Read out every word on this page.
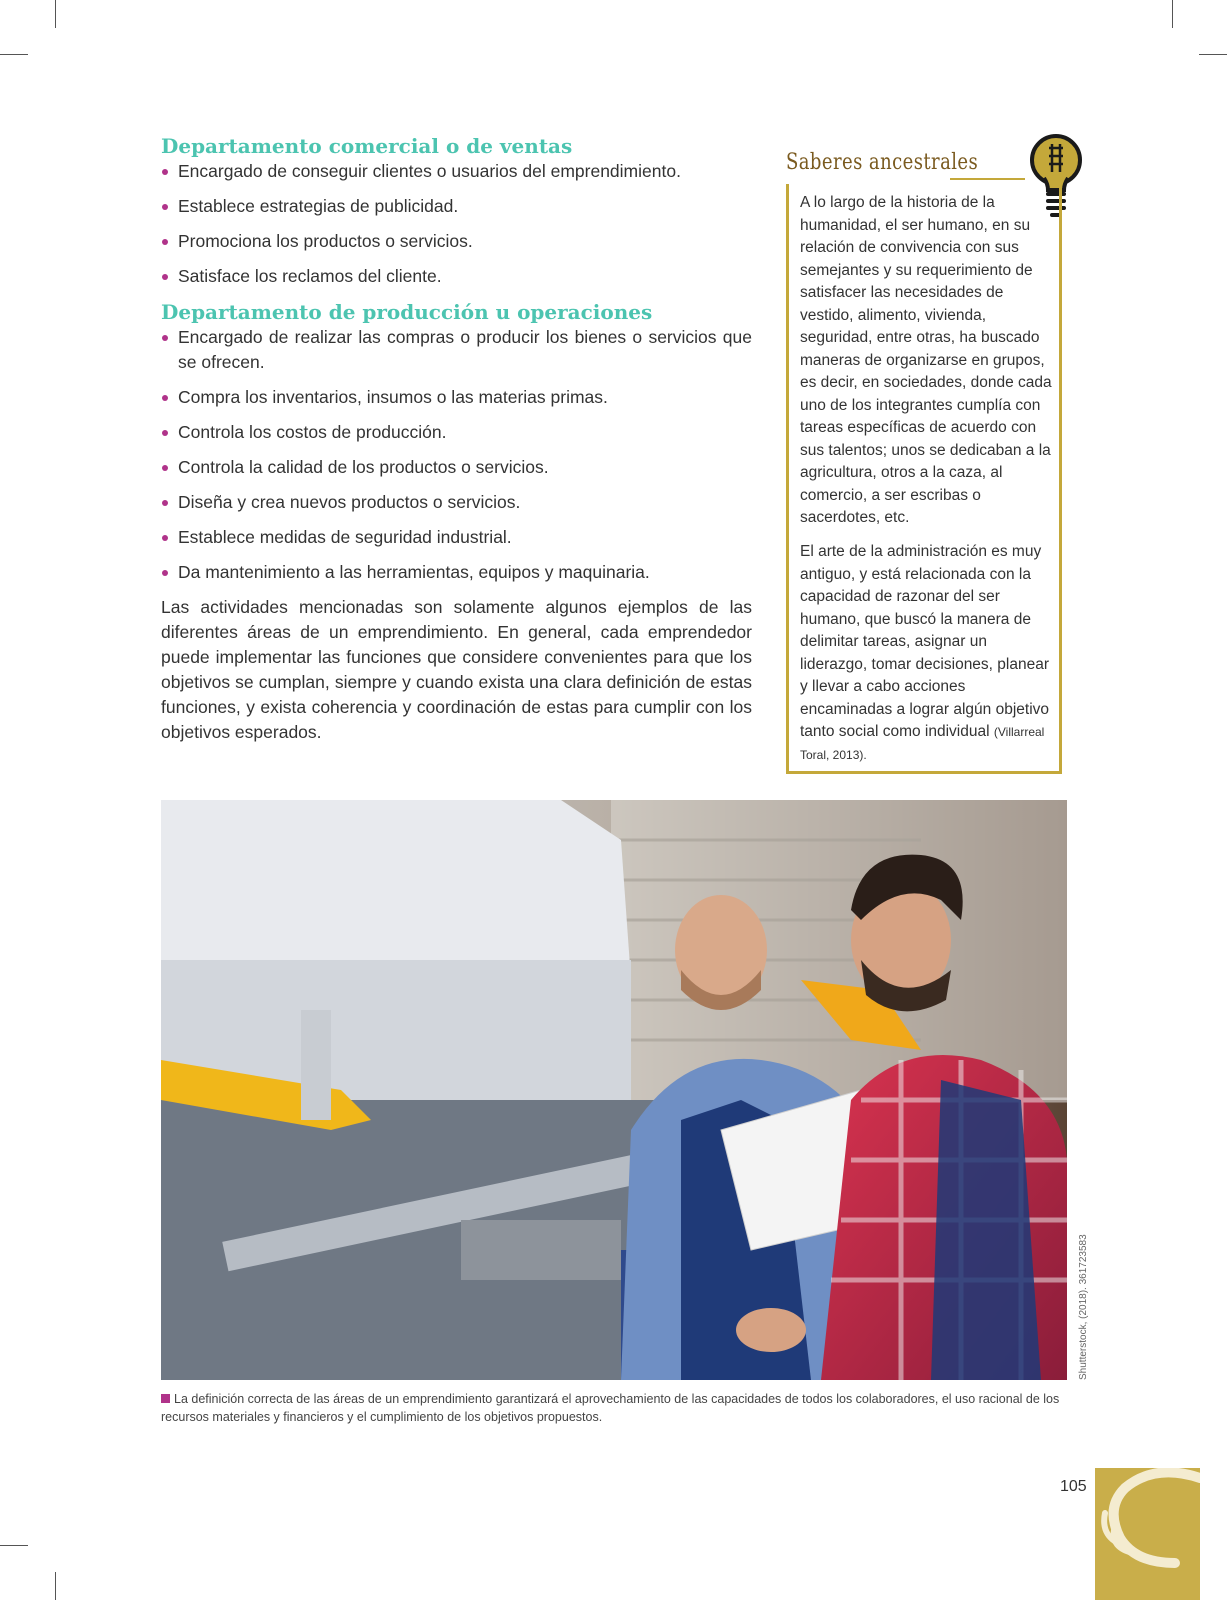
Departamento comercial o de ventas
Encargado de conseguir clientes o usuarios del emprendimiento.
Establece estrategias de publicidad.
Promociona los productos o servicios.
Satisface los reclamos del cliente.
Departamento de producción u operaciones
Encargado de realizar las compras o producir los bienes o servicios que se ofrecen.
Compra los inventarios, insumos o las materias primas.
Controla los costos de producción.
Controla la calidad de los productos o servicios.
Diseña y crea nuevos productos o servicios.
Establece medidas de seguridad industrial.
Da mantenimiento a las herramientas, equipos y maquinaria.

Las actividades mencionadas son solamente algunos ejemplos de las diferentes áreas de un emprendimiento. En general, cada emprendedor puede implementar las funciones que considere convenientes para que los objetivos se cumplan, siempre y cuando exista una clara definición de estas funciones, y exista coherencia y coordinación de estas para cumplir con los objetivos esperados.

Saberes ancestrales
A lo largo de la historia de la humanidad, el ser humano, en su relación de convivencia con sus semejantes y su requerimiento de satisfacer las necesidades de vestido, alimento, vivienda, seguridad, entre otras, ha buscado maneras de organizarse en grupos, es decir, en sociedades, donde cada uno de los integrantes cumplía con tareas específicas de acuerdo con sus talentos; unos se dedicaban a la agricultura, otros a la caza, al comercio, a ser escribas o sacerdotes, etc.
El arte de la administración es muy antiguo, y está relacionada con la capacidad de razonar del ser humano, que buscó la manera de delimitar tareas, asignar un liderazgo, tomar decisiones, planear y llevar a cabo acciones encaminadas a lograr algún objetivo tanto social como individual (Villarreal Toral, 2013).
Shutterstock, (2018). 361723583
La definición correcta de las áreas de un emprendimiento garantizará el aprovechamiento de las capacidades de todos los colaboradores, el uso racional de los recursos materiales y financieros y el cumplimiento de los objetivos propuestos.
105
